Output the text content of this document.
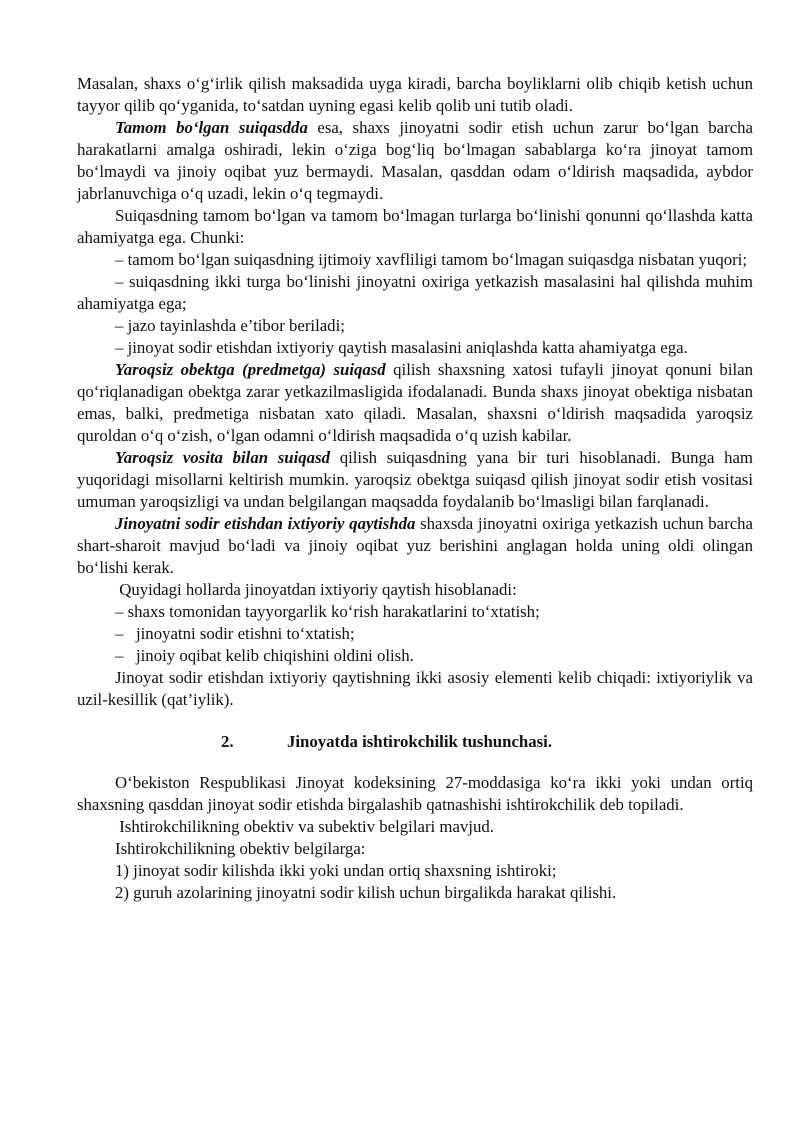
Masalan, shaxs o‘g‘irlik qilish maksadida uyga kiradi, barcha boyliklarni olib chiqib ketish uchun tayyor qilib qo‘yganida, to‘satdan uyning egasi kelib qolib uni tutib oladi.

Tamom bo‘lgan suiqasdda esa, shaxs jinoyatni sodir etish uchun zarur bo‘lgan barcha harakatlarni amalga oshiradi, lekin o‘ziga bog‘liq bo‘lmagan sabablarga ko‘ra jinoyat tamom bo‘lmaydi va jinoiy oqibat yuz bermaydi. Masalan, qasddan odam o‘ldirish maqsadida, aybdor jabrlanuvchiga o‘q uzadi, lekin o‘q tegmaydi.

Suiqasdning tamom bo‘lgan va tamom bo‘lmagan turlarga bo‘linishi qonunni qo‘llashda katta ahamiyatga ega. Chunki:

– tamom bo‘lgan suiqasdning ijtimoiy xavfliligi tamom bo‘lmagan suiqasdga nisbatan yuqori;

– suiqasdning ikki turga bo‘linishi jinoyatni oxiriga yetkazish masalasini hal qilishda muhim ahamiyatga ega;

– jazo tayinlashda e’tibor beriladi;

– jinoyat sodir etishdan ixtiyoriy qaytish masalasini aniqlashda katta ahamiyatga ega.

Yaroqsiz obektga (predmetga) suiqasd qilish shaxsning xatosi tufayli jinoyat qonuni bilan qo‘riqlanadigan obektga zarar yetkazilmasligida ifodalanadi. Bunda shaxs jinoyat obektiga nisbatan emas, balki, predmetiga nisbatan xato qiladi. Masalan, shaxsni o‘ldirish maqsadida yaroqsiz quroldan o‘q o‘zish, o‘lgan odamni o‘ldirish maqsadida o‘q uzish kabilar.

Yaroqsiz vosita bilan suiqasd qilish suiqasdning yana bir turi hisoblanadi. Bunga ham yuqoridagi misollarni keltirish mumkin. yaroqsiz obektga suiqasd qilish jinoyat sodir etish vositasi umuman yaroqsizligi va undan belgilangan maqsadda foydalanib bo‘lmasligi bilan farqlanadi.

Jinoyatni sodir etishdan ixtiyoriy qaytishda shaxsda jinoyatni oxiriga yetkazish uchun barcha shart-sharoit mavjud bo‘ladi va jinoiy oqibat yuz berishini anglagan holda uning oldi olingan bo‘lishi kerak.

Quyidagi hollarda jinoyatdan ixtiyoriy qaytish hisoblanadi:

– shaxs tomonidan tayyorgarlik ko‘rish harakatlarini to‘xtatish;

–   jinoyatni sodir etishni to‘xtatish;

–   jinoiy oqibat kelib chiqishini oldini olish.

Jinoyat sodir etishdan ixtiyoriy qaytishning ikki asosiy elementi kelib chiqadi: ixtiyoriylik va uzil-kesillik (qat’iylik).

2.	Jinoyatda ishtirokchilik tushunchasi.

O‘bekiston Respublikasi Jinoyat kodeksining 27-moddasiga ko‘ra ikki yoki undan ortiq shaxsning qasddan jinoyat sodir etishda birgalashib qatnashishi ishtirokchilik deb topiladi.

Ishtirokchilikning obektiv va subektiv belgilari mavjud.

Ishtirokchilikning obektiv belgilarga:

1) jinoyat sodir kilishda ikki yoki undan ortiq shaxsning ishtiroki;

2) guruh azolarining jinoyatni sodir kilish uchun birgalikda harakat qilishi.
